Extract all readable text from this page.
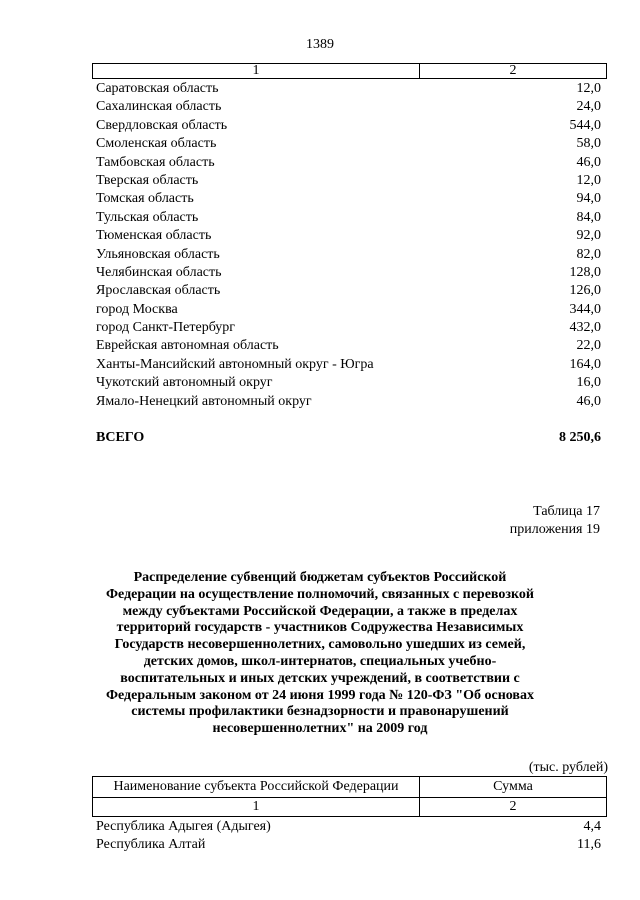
1389
1	2
Саратовская область	12,0
Сахалинская область	24,0
Свердловская область	544,0
Смоленская область	58,0
Тамбовская область	46,0
Тверская область	12,0
Томская область	94,0
Тульская область	84,0
Тюменская область	92,0
Ульяновская область	82,0
Челябинская область	128,0
Ярославская область	126,0
город Москва	344,0
город Санкт-Петербург	432,0
Еврейская автономная область	22,0
Ханты-Мансийский автономный округ - Югра	164,0
Чукотский автономный округ	16,0
Ямало-Ненецкий автономный округ	46,0
ВСЕГО	8 250,6
Таблица 17
приложения 19
Распределение субвенций бюджетам субъектов Российской
Федерации на осуществление полномочий, связанных с перевозкой
между субъектами Российской Федерации, а также в пределах
территорий государств - участников Содружества Независимых
Государств несовершеннолетних, самовольно ушедших из семей,
детских домов, школ-интернатов, специальных учебно-
воспитательных и иных детских учреждений, в соответствии с
Федеральным законом от 24 июня 1999 года № 120-ФЗ "Об основах
системы профилактики безнадзорности и правонарушений
несовершеннолетних" на 2009 год
(тыс. рублей)
Наименование субъекта Российской Федерации	Сумма
1	2
Республика Адыгея (Адыгея)	4,4
Республика Алтай	11,6
